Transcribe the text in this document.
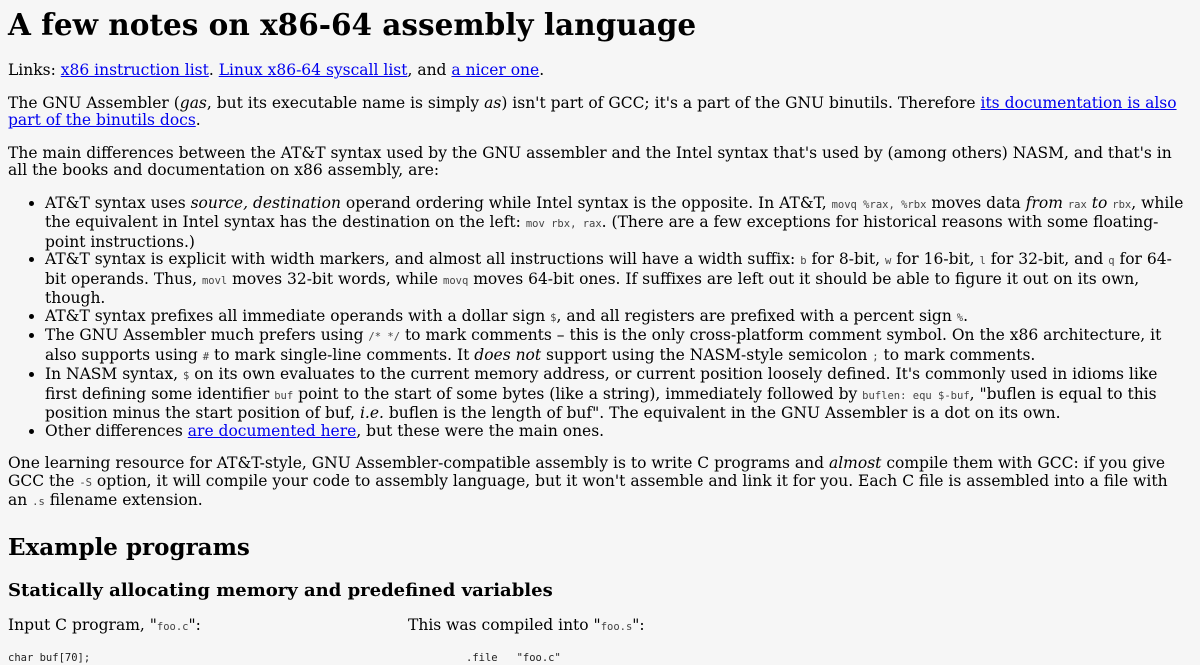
A few notes on x86-64 assembly language

Links: x86 instruction list. Linux x86-64 syscall list, and a nicer one.

The GNU Assembler (gas, but its executable name is simply as) isn't part of GCC; it's a part of the GNU binutils. Therefore its documentation is also part of the binutils docs.

The main differences between the AT&T syntax used by the GNU assembler and the Intel syntax that's used by (among others) NASM, and that's in all the books and documentation on x86 assembly, are:

• AT&T syntax uses source, destination operand ordering while Intel syntax is the opposite. In AT&T, movq %rax, %rbx moves data from rax to rbx, while the equivalent in Intel syntax has the destination on the left: mov rbx, rax. (There are a few exceptions for historical reasons with some floating-point instructions.)
• AT&T syntax is explicit with width markers, and almost all instructions will have a width suffix: b for 8-bit, w for 16-bit, l for 32-bit, and q for 64-bit operands. Thus, movl moves 32-bit words, while movq moves 64-bit ones. If suffixes are left out it should be able to figure it out on its own, though.
• AT&T syntax prefixes all immediate operands with a dollar sign $, and all registers are prefixed with a percent sign %.
• The GNU Assembler much prefers using /* */ to mark comments – this is the only cross-platform comment symbol. On the x86 architecture, it also supports using # to mark single-line comments. It does not support using the NASM-style semicolon ; to mark comments.
• In NASM syntax, $ on its own evaluates to the current memory address, or current position loosely defined. It's commonly used in idioms like first defining some identifier buf point to the start of some bytes (like a string), immediately followed by buflen: equ $-buf, "buflen is equal to this position minus the start position of buf, i.e. buflen is the length of buf". The equivalent in the GNU Assembler is a dot on its own.
• Other differences are documented here, but these were the main ones.

One learning resource for AT&T-style, GNU Assembler-compatible assembly is to write C programs and almost compile them with GCC: if you give GCC the -S option, it will compile your code to assembly language, but it won't assemble and link it for you. Each C file is assembled into a file with an .s filename extension.

Example programs
Statically allocating memory and predefined variables

Input C program, "foo.c":

char buf[70];

This was compiled into "foo.s":

.file   "foo.c"
